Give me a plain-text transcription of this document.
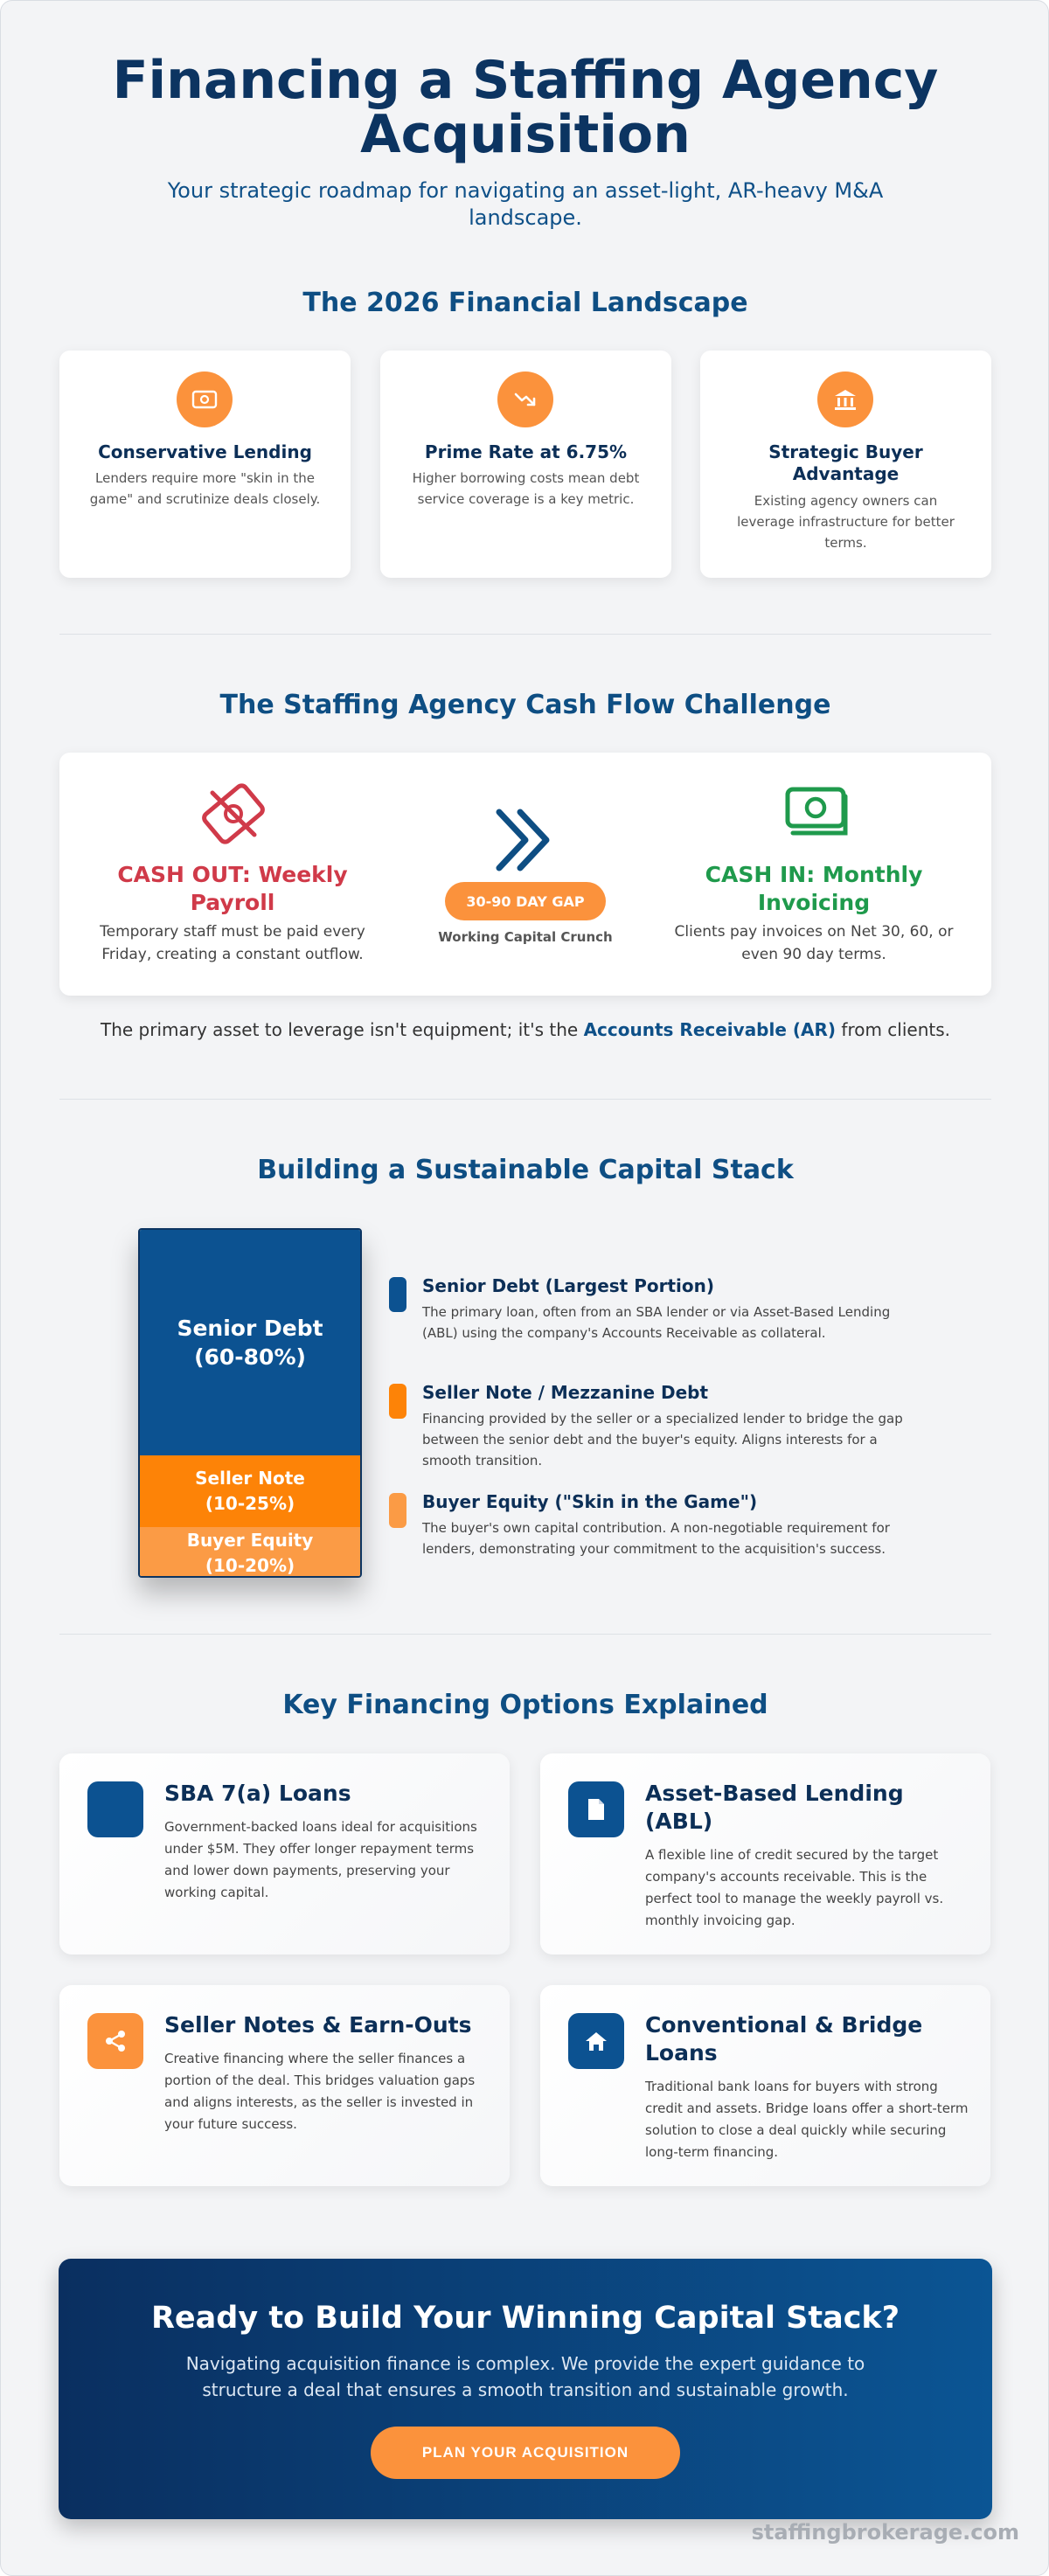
Financing a Staffing Agency Acquisition

Your strategic roadmap for navigating an asset-light, AR-heavy M&A landscape.

The 2026 Financial Landscape
Conservative Lending
Lenders require more "skin in the game" and scrutinize deals closely.
Prime Rate at 6.75%
Higher borrowing costs mean debt service coverage is a key metric.
Strategic Buyer Advantage
Existing agency owners can leverage infrastructure for better terms.
The Staffing Agency Cash Flow Challenge
CASH OUT: Weekly Payroll
Temporary staff must be paid every Friday, creating a constant outflow.
30-90 DAY GAP
Working Capital Crunch
CASH IN: Monthly Invoicing
Clients pay invoices on Net 30, 60, or even 90 day terms.

The primary asset to leverage isn't equipment; it's the Accounts Receivable (AR) from clients.

Building a Sustainable Capital Stack
Senior Debt
(60-80%)
Seller Note
(10-25%)
Buyer Equity
(10-20%)
Senior Debt (Largest Portion)
The primary loan, often from an SBA lender or via Asset-Based Lending (ABL) using the company's Accounts Receivable as collateral.
Seller Note / Mezzanine Debt
Financing provided by the seller or a specialized lender to bridge the gap between the senior debt and the buyer's equity. Aligns interests for a smooth transition.
Buyer Equity ("Skin in the Game")
The buyer's own capital contribution. A non-negotiable requirement for lenders, demonstrating your commitment to the acquisition's success.
Key Financing Options Explained
SBA 7(a) Loans
Government-backed loans ideal for acquisitions under $5M. They offer longer repayment terms and lower down payments, preserving your working capital.
Asset-Based Lending (ABL)
A flexible line of credit secured by the target company's accounts receivable. This is the perfect tool to manage the weekly payroll vs. monthly invoicing gap.
Seller Notes & Earn-Outs
Creative financing where the seller finances a portion of the deal. This bridges valuation gaps and aligns interests, as the seller is invested in your future success.
Conventional & Bridge Loans
Traditional bank loans for buyers with strong credit and assets. Bridge loans offer a short-term solution to close a deal quickly while securing long-term financing.
Ready to Build Your Winning Capital Stack?
Navigating acquisition finance is complex. We provide the expert guidance to structure a deal that ensures a smooth transition and sustainable growth.
PLAN YOUR ACQUISITION
staffingbrokerage.com
